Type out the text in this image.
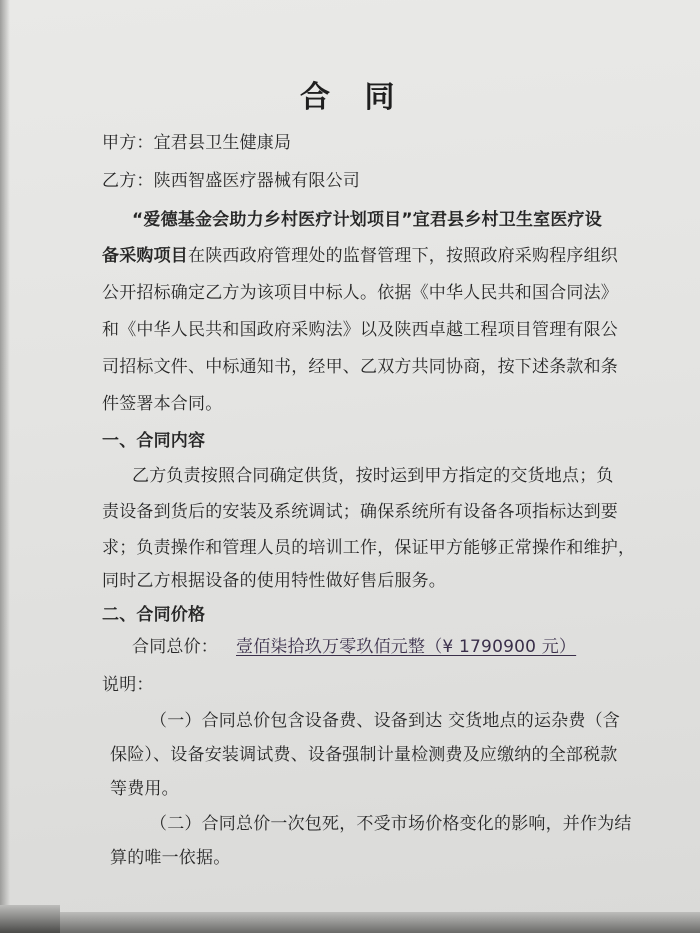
合 同
甲方：宜君县卫生健康局
乙方：陕西智盛医疗器械有限公司
“爱德基金会助力乡村医疗计划项目”宜君县乡村卫生室医疗设
备采购项目在陕西政府管理处的监督管理下，按照政府采购程序组织
公开招标确定乙方为该项目中标人。依据《中华人民共和国合同法》
和《中华人民共和国政府采购法》以及陕西卓越工程项目管理有限公
司招标文件、中标通知书，经甲、乙双方共同协商，按下述条款和条
件签署本合同。
一、合同内容
乙方负责按照合同确定供货，按时运到甲方指定的交货地点；负
责设备到货后的安装及系统调试；确保系统所有设备各项指标达到要
求；负责操作和管理人员的培训工作，保证甲方能够正常操作和维护，
同时乙方根据设备的使用特性做好售后服务。
二、合同价格
合同总价： 壹佰柒拾玖万零玖佰元整（¥ 1790900 元）
说明：
（一）合同总价包含设备费、设备到达 交货地点的运杂费（含
保险）、设备安装调试费、设备强制计量检测费及应缴纳的全部税款
等费用。
（二）合同总价一次包死，不受市场价格变化的影响，并作为结
算的唯一依据。
